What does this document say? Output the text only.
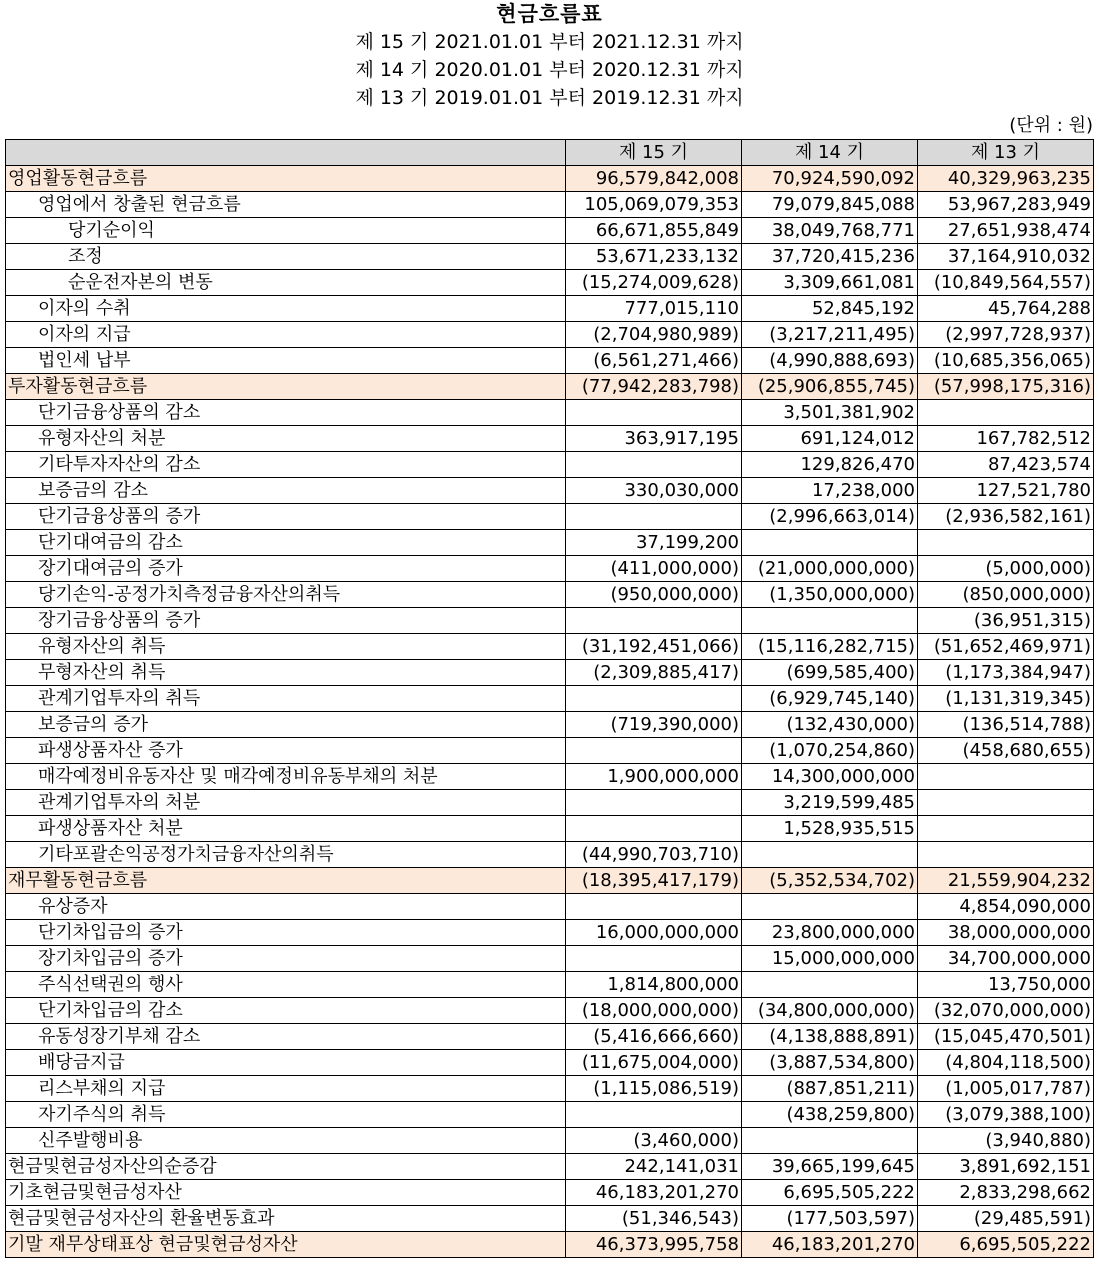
현금흐름표
제 15 기 2021.01.01 부터 2021.12.31 까지
제 14 기 2020.01.01 부터 2020.12.31 까지
제 13 기 2019.01.01 부터 2019.12.31 까지
(단위 : 원)
	제 15 기	제 14 기	제 13 기
영업활동현금흐름	96,579,842,008	70,924,590,092	40,329,963,235
영업에서 창출된 현금흐름	105,069,079,353	79,079,845,088	53,967,283,949
당기순이익	66,671,855,849	38,049,768,771	27,651,938,474
조정	53,671,233,132	37,720,415,236	37,164,910,032
순운전자본의 변동	(15,274,009,628)	3,309,661,081	(10,849,564,557)
이자의 수취	777,015,110	52,845,192	45,764,288
이자의 지급	(2,704,980,989)	(3,217,211,495)	(2,997,728,937)
법인세 납부	(6,561,271,466)	(4,990,888,693)	(10,685,356,065)
투자활동현금흐름	(77,942,283,798)	(25,906,855,745)	(57,998,175,316)
단기금융상품의 감소		3,501,381,902	
유형자산의 처분	363,917,195	691,124,012	167,782,512
기타투자자산의 감소		129,826,470	87,423,574
보증금의 감소	330,030,000	17,238,000	127,521,780
단기금융상품의 증가		(2,996,663,014)	(2,936,582,161)
단기대여금의 감소	37,199,200		
장기대여금의 증가	(411,000,000)	(21,000,000,000)	(5,000,000)
당기손익-공정가치측정금융자산의취득	(950,000,000)	(1,350,000,000)	(850,000,000)
장기금융상품의 증가			(36,951,315)
유형자산의 취득	(31,192,451,066)	(15,116,282,715)	(51,652,469,971)
무형자산의 취득	(2,309,885,417)	(699,585,400)	(1,173,384,947)
관계기업투자의 취득		(6,929,745,140)	(1,131,319,345)
보증금의 증가	(719,390,000)	(132,430,000)	(136,514,788)
파생상품자산 증가		(1,070,254,860)	(458,680,655)
매각예정비유동자산 및 매각예정비유동부채의 처분	1,900,000,000	14,300,000,000	
관계기업투자의 처분		3,219,599,485	
파생상품자산 처분		1,528,935,515	
기타포괄손익공정가치금융자산의취득	(44,990,703,710)		
재무활동현금흐름	(18,395,417,179)	(5,352,534,702)	21,559,904,232
유상증자			4,854,090,000
단기차입금의 증가	16,000,000,000	23,800,000,000	38,000,000,000
장기차입금의 증가		15,000,000,000	34,700,000,000
주식선택권의 행사	1,814,800,000		13,750,000
단기차입금의 감소	(18,000,000,000)	(34,800,000,000)	(32,070,000,000)
유동성장기부채 감소	(5,416,666,660)	(4,138,888,891)	(15,045,470,501)
배당금지급	(11,675,004,000)	(3,887,534,800)	(4,804,118,500)
리스부채의 지급	(1,115,086,519)	(887,851,211)	(1,005,017,787)
자기주식의 취득		(438,259,800)	(3,079,388,100)
신주발행비용	(3,460,000)		(3,940,880)
현금및현금성자산의순증감	242,141,031	39,665,199,645	3,891,692,151
기초현금및현금성자산	46,183,201,270	6,695,505,222	2,833,298,662
현금및현금성자산의 환율변동효과	(51,346,543)	(177,503,597)	(29,485,591)
기말 재무상태표상 현금및현금성자산	46,373,995,758	46,183,201,270	6,695,505,222
